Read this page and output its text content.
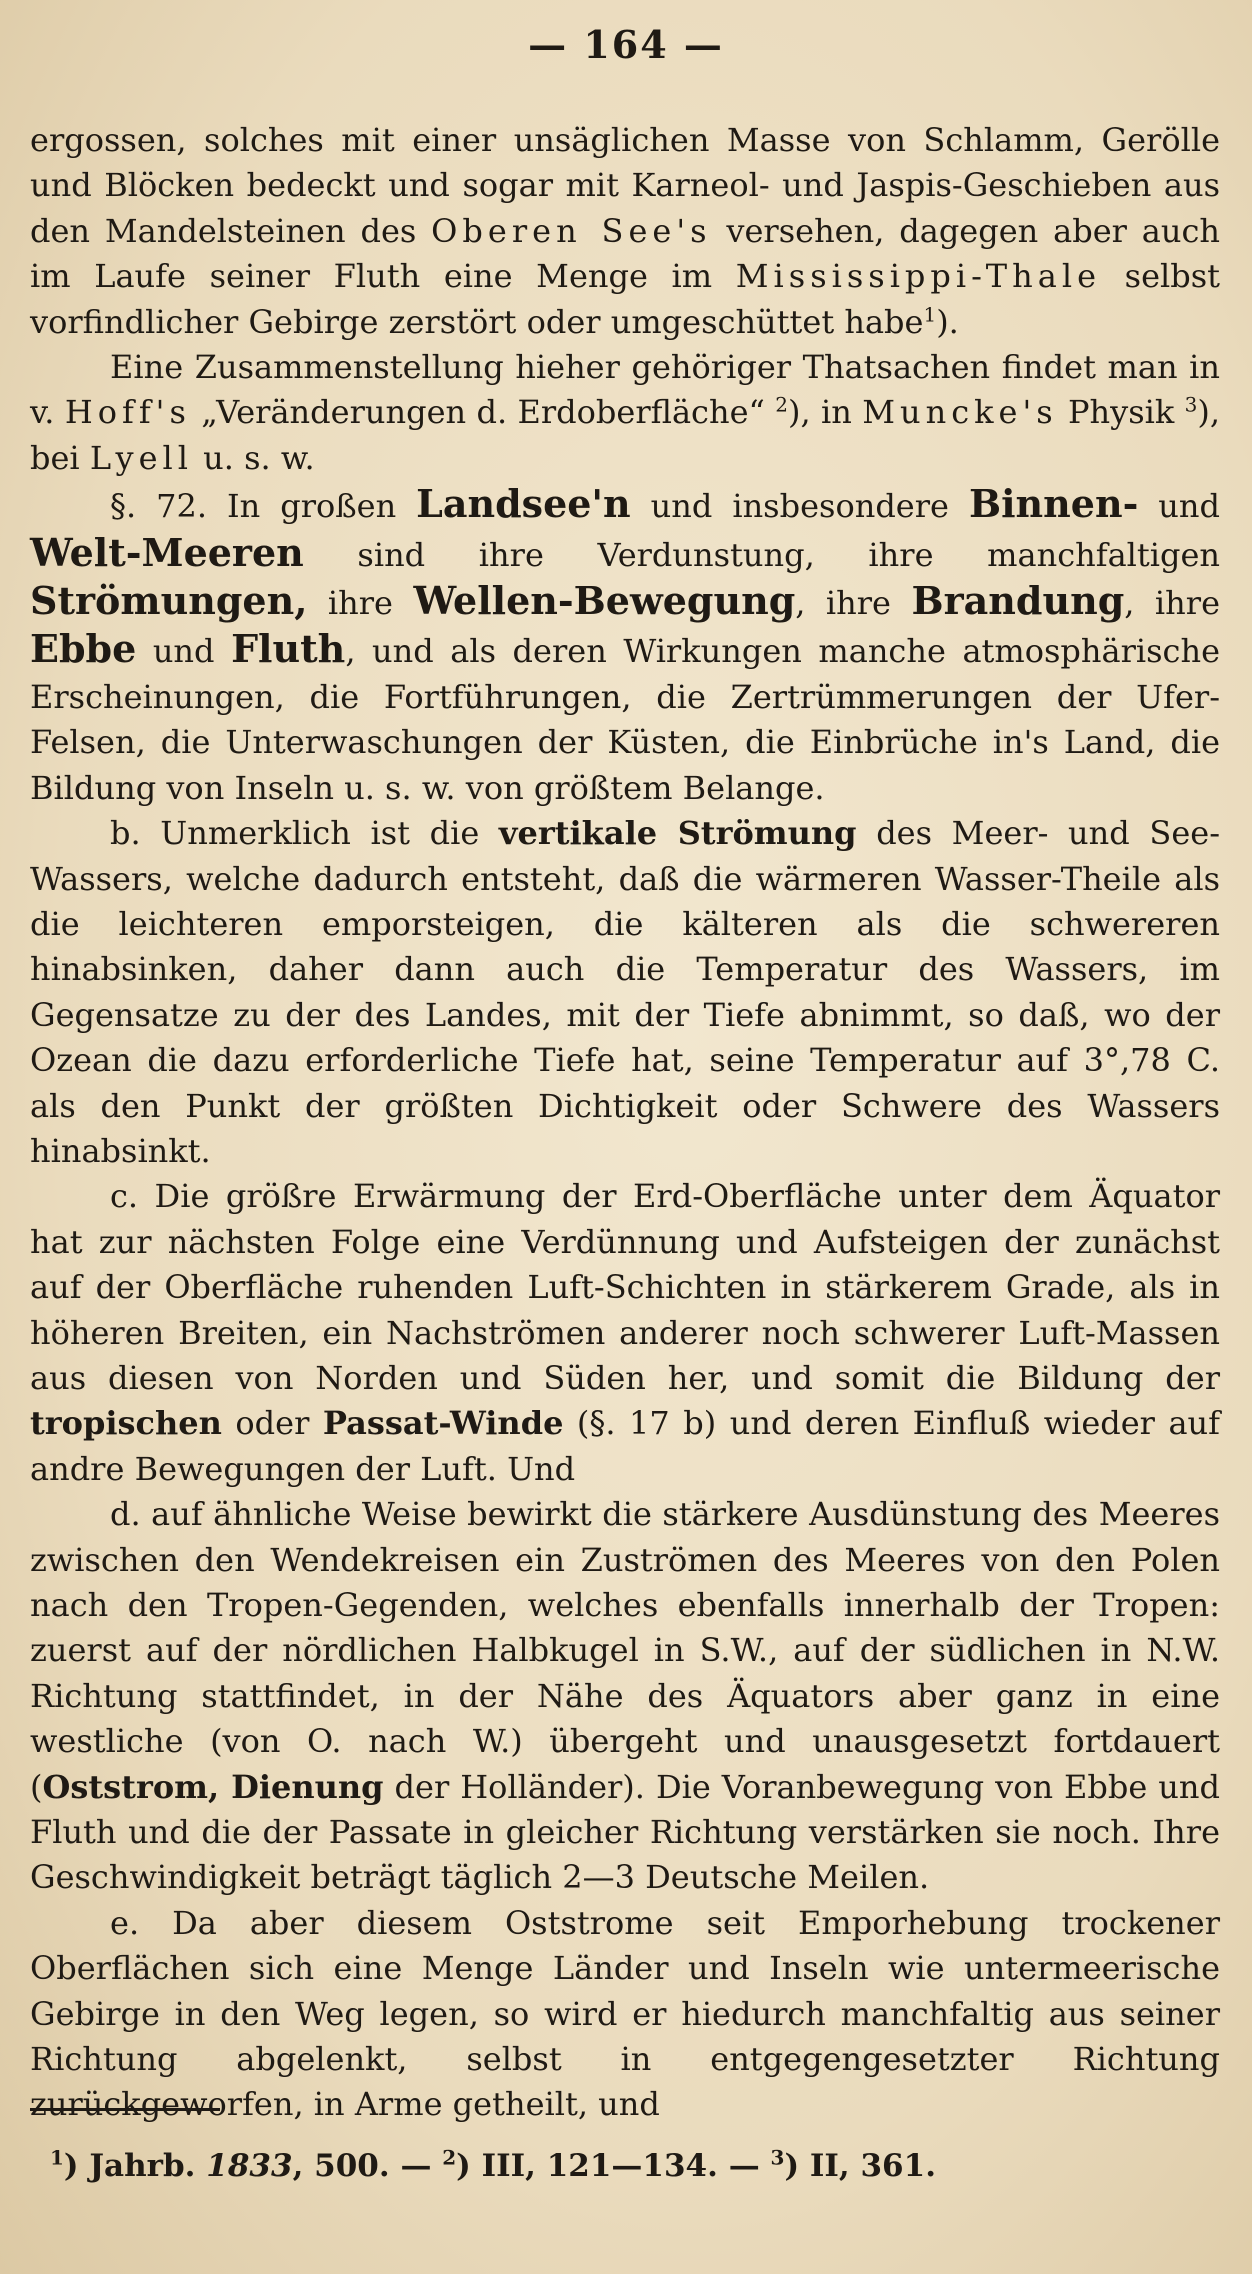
— 164 —

ergossen, solches mit einer unsäglichen Masse von Schlamm, Gerölle und Blöcken bedeckt und sogar mit Karneol- und Jaspis-Geschieben aus den Mandelsteinen des Oberen See's versehen, dagegen aber auch im Laufe seiner Fluth eine Menge im Mississippi-Thale selbst vorfindlicher Gebirge zerstört oder umgeschüttet habe$^1$).

Eine Zusammenstellung hieher gehöriger Thatsachen findet man in v. Hoff's „Veränderungen d. Erdoberfläche“ $^2$), in Muncke's Physik $^3$), bei Lyell u. s. w.

§. 72. In großen Landsee'n und insbesondere Binnen- und Welt-Meeren sind ihre Verdunstung, ihre manchfaltigen Strömungen, ihre Wellen-Bewegung, ihre Brandung, ihre Ebbe und Fluth, und als deren Wirkungen manche atmosphärische Erscheinungen, die Fortführungen, die Zertrümmerungen der Ufer-Felsen, die Unterwaschungen der Küsten, die Einbrüche in's Land, die Bildung von Inseln u. s. w. von größtem Belange.

b. Unmerklich ist die vertikale Strömung des Meer- und See-Wassers, welche dadurch entsteht, daß die wärmeren Wasser-Theile als die leichteren emporsteigen, die kälteren als die schwereren hinabsinken, daher dann auch die Temperatur des Wassers, im Gegensatze zu der des Landes, mit der Tiefe abnimmt, so daß, wo der Ozean die dazu erforderliche Tiefe hat, seine Temperatur auf 3°,78 C. als den Punkt der größten Dichtigkeit oder Schwere des Wassers hinabsinkt.

c. Die größre Erwärmung der Erd-Oberfläche unter dem Äquator hat zur nächsten Folge eine Verdünnung und Aufsteigen der zunächst auf der Oberfläche ruhenden Luft-Schichten in stärkerem Grade, als in höheren Breiten, ein Nachströmen anderer noch schwerer Luft-Massen aus diesen von Norden und Süden her, und somit die Bildung der tropischen oder Passat-Winde (§. 17 b) und deren Einfluß wieder auf andre Bewegungen der Luft. Und

d. auf ähnliche Weise bewirkt die stärkere Ausdünstung des Meeres zwischen den Wendekreisen ein Zuströmen des Meeres von den Polen nach den Tropen-Gegenden, welches ebenfalls innerhalb der Tropen: zuerst auf der nördlichen Halbkugel in S.W., auf der südlichen in N.W. Richtung stattfindet, in der Nähe des Äquators aber ganz in eine westliche (von O. nach W.) übergeht und unausgesetzt fortdauert (Oststrom, Dienung der Holländer). Die Voranbewegung von Ebbe und Fluth und die der Passate in gleicher Richtung verstärken sie noch. Ihre Geschwindigkeit beträgt täglich 2—3 Deutsche Meilen.

e. Da aber diesem Oststrome seit Emporhebung trockener Oberflächen sich eine Menge Länder und Inseln wie untermeerische Gebirge in den Weg legen, so wird er hiedurch manchfaltig aus seiner Richtung abgelenkt, selbst in entgegengesetzter Richtung zurückgeworfen, in Arme getheilt, und

$^1$) Jahrb. 1833, 500. — $^2$) III, 121—134. — $^3$) II, 361.
